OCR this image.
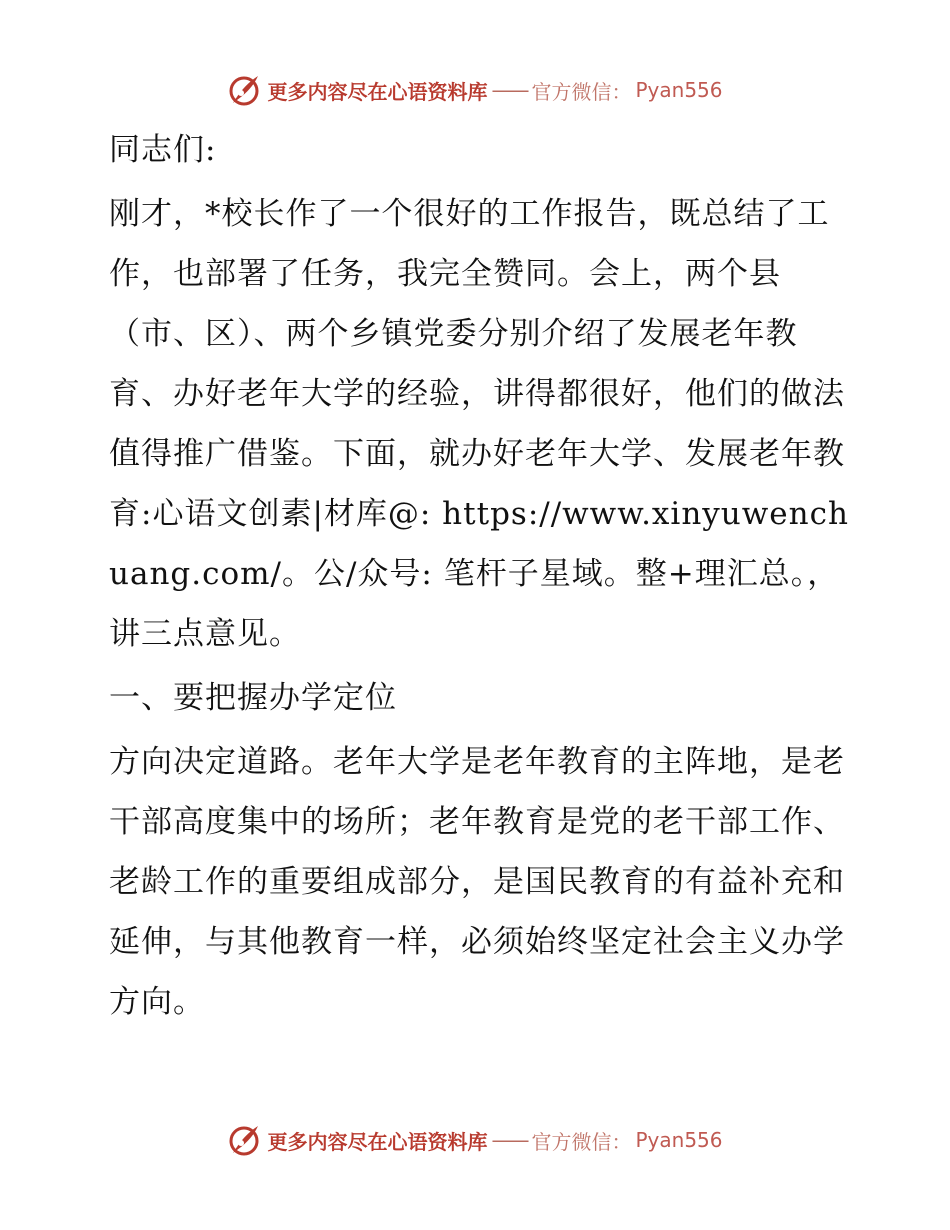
更多内容尽在心语资料库 —— 官方微信： Pyan556

同志们:

刚才，*校长作了一个很好的工作报告，既总结了工作，也部署了任务，我完全赞同。会上，两个县（市、区）、两个乡镇党委分别介绍了发展老年教育、办好老年大学的经验，讲得都很好，他们的做法值得推广借鉴。下面，就办好老年大学、发展老年教育:心语文创素|材库@: https://www.xinyuwenchuang.com/。公/众号: 笔杆子星域。整+理汇总。，讲三点意见。

一、要把握办学定位

方向决定道路。老年大学是老年教育的主阵地，是老干部高度集中的场所；老年教育是党的老干部工作、老龄工作的重要组成部分，是国民教育的有益补充和延伸，与其他教育一样，必须始终坚定社会主义办学方向。

更多内容尽在心语资料库 —— 官方微信： Pyan556
